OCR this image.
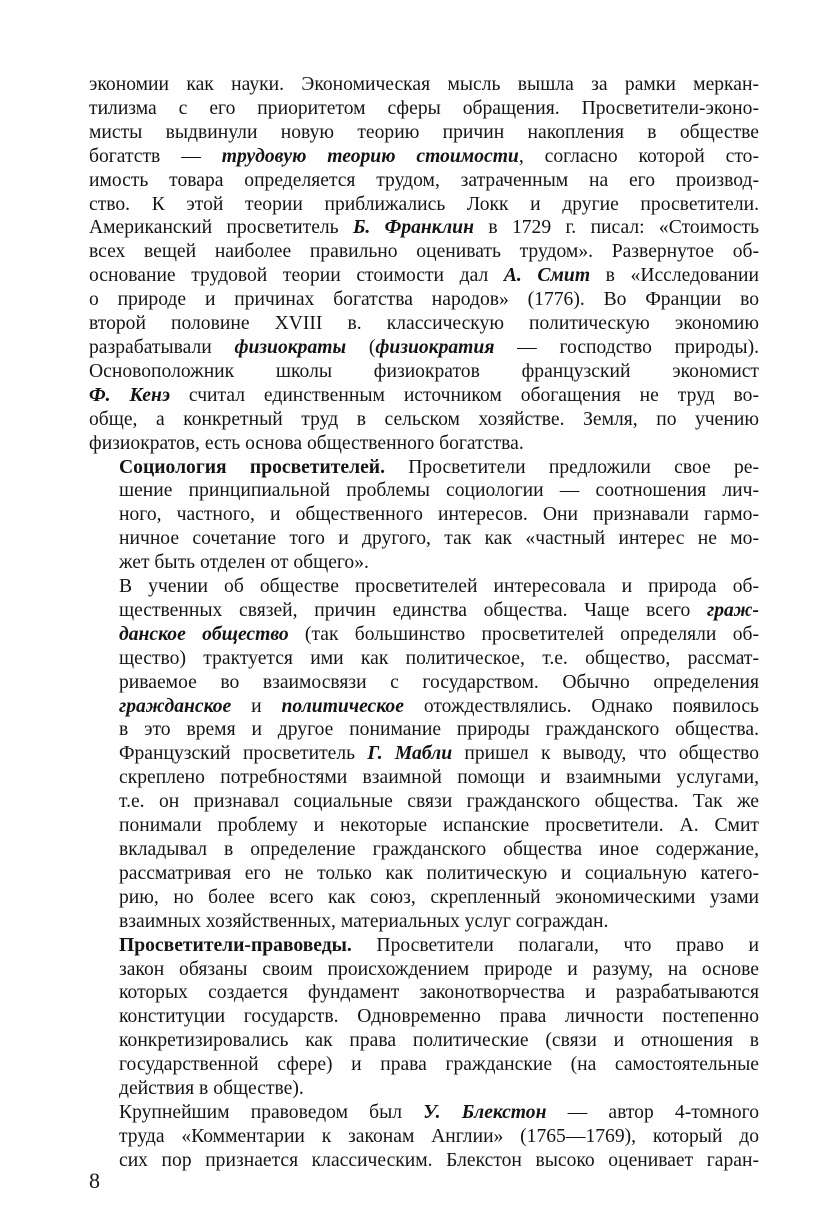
экономии как науки. Экономическая мысль вышла за рамки меркан-
тилизма с его приоритетом сферы обращения. Просветители-эконо-
мисты выдвинули новую теорию причин накопления в обществе
богатств — трудовую теорию стоимости, согласно которой сто-
имость товара определяется трудом, затраченным на его производ-
ство. К этой теории приближались Локк и другие просветители.
Американский просветитель Б. Франклин в 1729 г. писал: «Стоимость
всех вещей наиболее правильно оценивать трудом». Развернутое об-
основание трудовой теории стоимости дал А. Смит в «Исследовании
о природе и причинах богатства народов» (1776). Во Франции во
второй половине XVIII в. классическую политическую экономию
разрабатывали физиократы (физиократия — господство природы).
Основоположник школы физиократов французский экономист
Ф. Кенэ считал единственным источником обогащения не труд во-
обще, а конкретный труд в сельском хозяйстве. Земля, по учению
физиократов, есть основа общественного богатства.

Социология просветителей. Просветители предложили свое ре-
шение принципиальной проблемы социологии — соотношения лич-
ного, частного, и общественного интересов. Они признавали гармо-
ничное сочетание того и другого, так как «частный интерес не мо-
жет быть отделен от общего».

В учении об обществе просветителей интересовала и природа об-
щественных связей, причин единства общества. Чаще всего граж-
данское общество (так большинство просветителей определяли об-
щество) трактуется ими как политическое, т.е. общество, рассмат-
риваемое во взаимосвязи с государством. Обычно определения
гражданское и политическое отождествлялись. Однако появилось
в это время и другое понимание природы гражданского общества.
Французский просветитель Г. Мабли пришел к выводу, что общество
скреплено потребностями взаимной помощи и взаимными услугами,
т.е. он признавал социальные связи гражданского общества. Так же
понимали проблему и некоторые испанские просветители. А. Смит
вкладывал в определение гражданского общества иное содержание,
рассматривая его не только как политическую и социальную катего-
рию, но более всего как союз, скрепленный экономическими узами
взаимных хозяйственных, материальных услуг сограждан.

Просветители-правоведы. Просветители полагали, что право и
закон обязаны своим происхождением природе и разуму, на основе
которых создается фундамент законотворчества и разрабатываются
конституции государств. Одновременно права личности постепенно
конкретизировались как права политические (связи и отношения в
государственной сфере) и права гражданские (на самостоятельные
действия в обществе).

Крупнейшим правоведом был У. Блекстон — автор 4-томного
труда «Комментарии к законам Англии» (1765—1769), который до
сих пор признается классическим. Блекстон высоко оценивает гаран-

8
